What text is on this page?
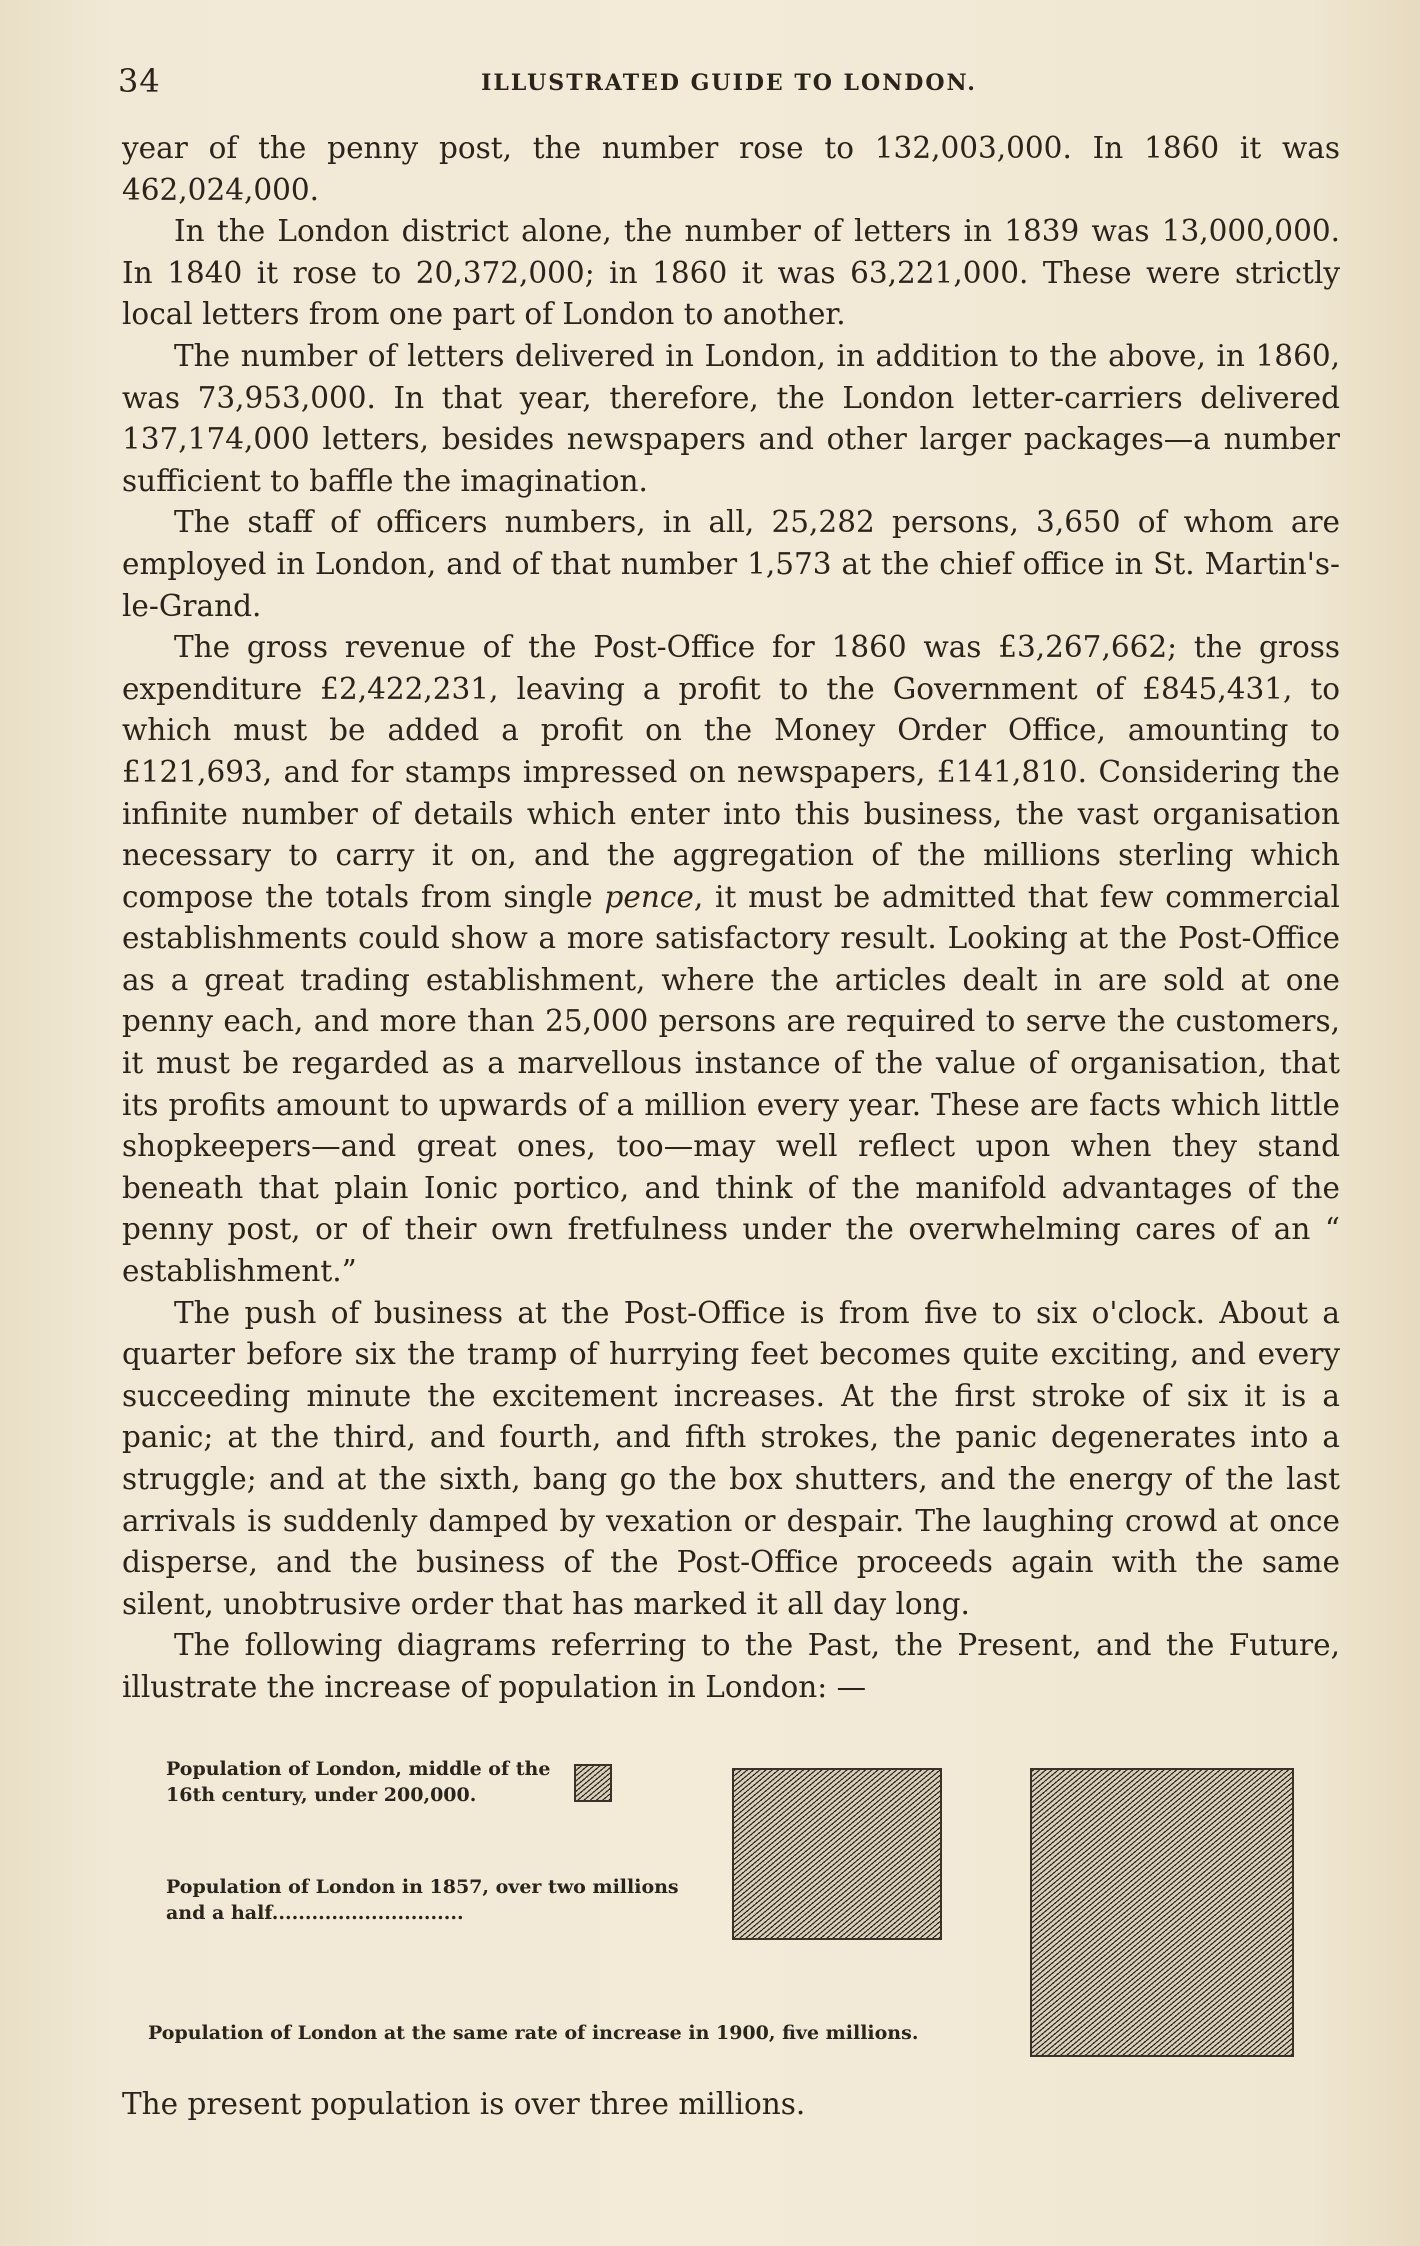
34	ILLUSTRATED GUIDE TO LONDON.

year of the penny post, the number rose to 132,003,000. In 1860 it was 462,024,000.

In the London district alone, the number of letters in 1839 was 13,000,000. In 1840 it rose to 20,372,000; in 1860 it was 63,221,000. These were strictly local letters from one part of London to another.

The number of letters delivered in London, in addition to the above, in 1860, was 73,953,000. In that year, therefore, the London letter-carriers delivered 137,174,000 letters, besides newspapers and other larger packages—a number sufficient to baffle the imagination.

The staff of officers numbers, in all, 25,282 persons, 3,650 of whom are employed in London, and of that number 1,573 at the chief office in St. Martin's-le-Grand.

The gross revenue of the Post-Office for 1860 was £3,267,662; the gross expenditure £2,422,231, leaving a profit to the Government of £845,431, to which must be added a profit on the Money Order Office, amounting to £121,693, and for stamps impressed on newspapers, £141,810. Considering the infinite number of details which enter into this business, the vast organisation necessary to carry it on, and the aggregation of the millions sterling which compose the totals from single pence, it must be admitted that few commercial establishments could show a more satisfactory result. Looking at the Post-Office as a great trading establishment, where the articles dealt in are sold at one penny each, and more than 25,000 persons are required to serve the customers, it must be regarded as a marvellous instance of the value of organisation, that its profits amount to upwards of a million every year. These are facts which little shopkeepers—and great ones, too—may well reflect upon when they stand beneath that plain Ionic portico, and think of the manifold advantages of the penny post, or of their own fretfulness under the overwhelming cares of an “ establishment.”

The push of business at the Post-Office is from five to six o'clock. About a quarter before six the tramp of hurrying feet becomes quite exciting, and every succeeding minute the excitement increases. At the first stroke of six it is a panic; at the third, and fourth, and fifth strokes, the panic degenerates into a struggle; and at the sixth, bang go the box shutters, and the energy of the last arrivals is suddenly damped by vexation or despair. The laughing crowd at once disperse, and the business of the Post-Office proceeds again with the same silent, unobtrusive order that has marked it all day long.

The following diagrams referring to the Past, the Present, and the Future, illustrate the increase of population in London: —

Population of London, middle of the 16th century, under 200,000.
Population of London in 1857, over two millions and a half.............................
Population of London at the same rate of increase in 1900, five millions.
The present population is over three millions.
